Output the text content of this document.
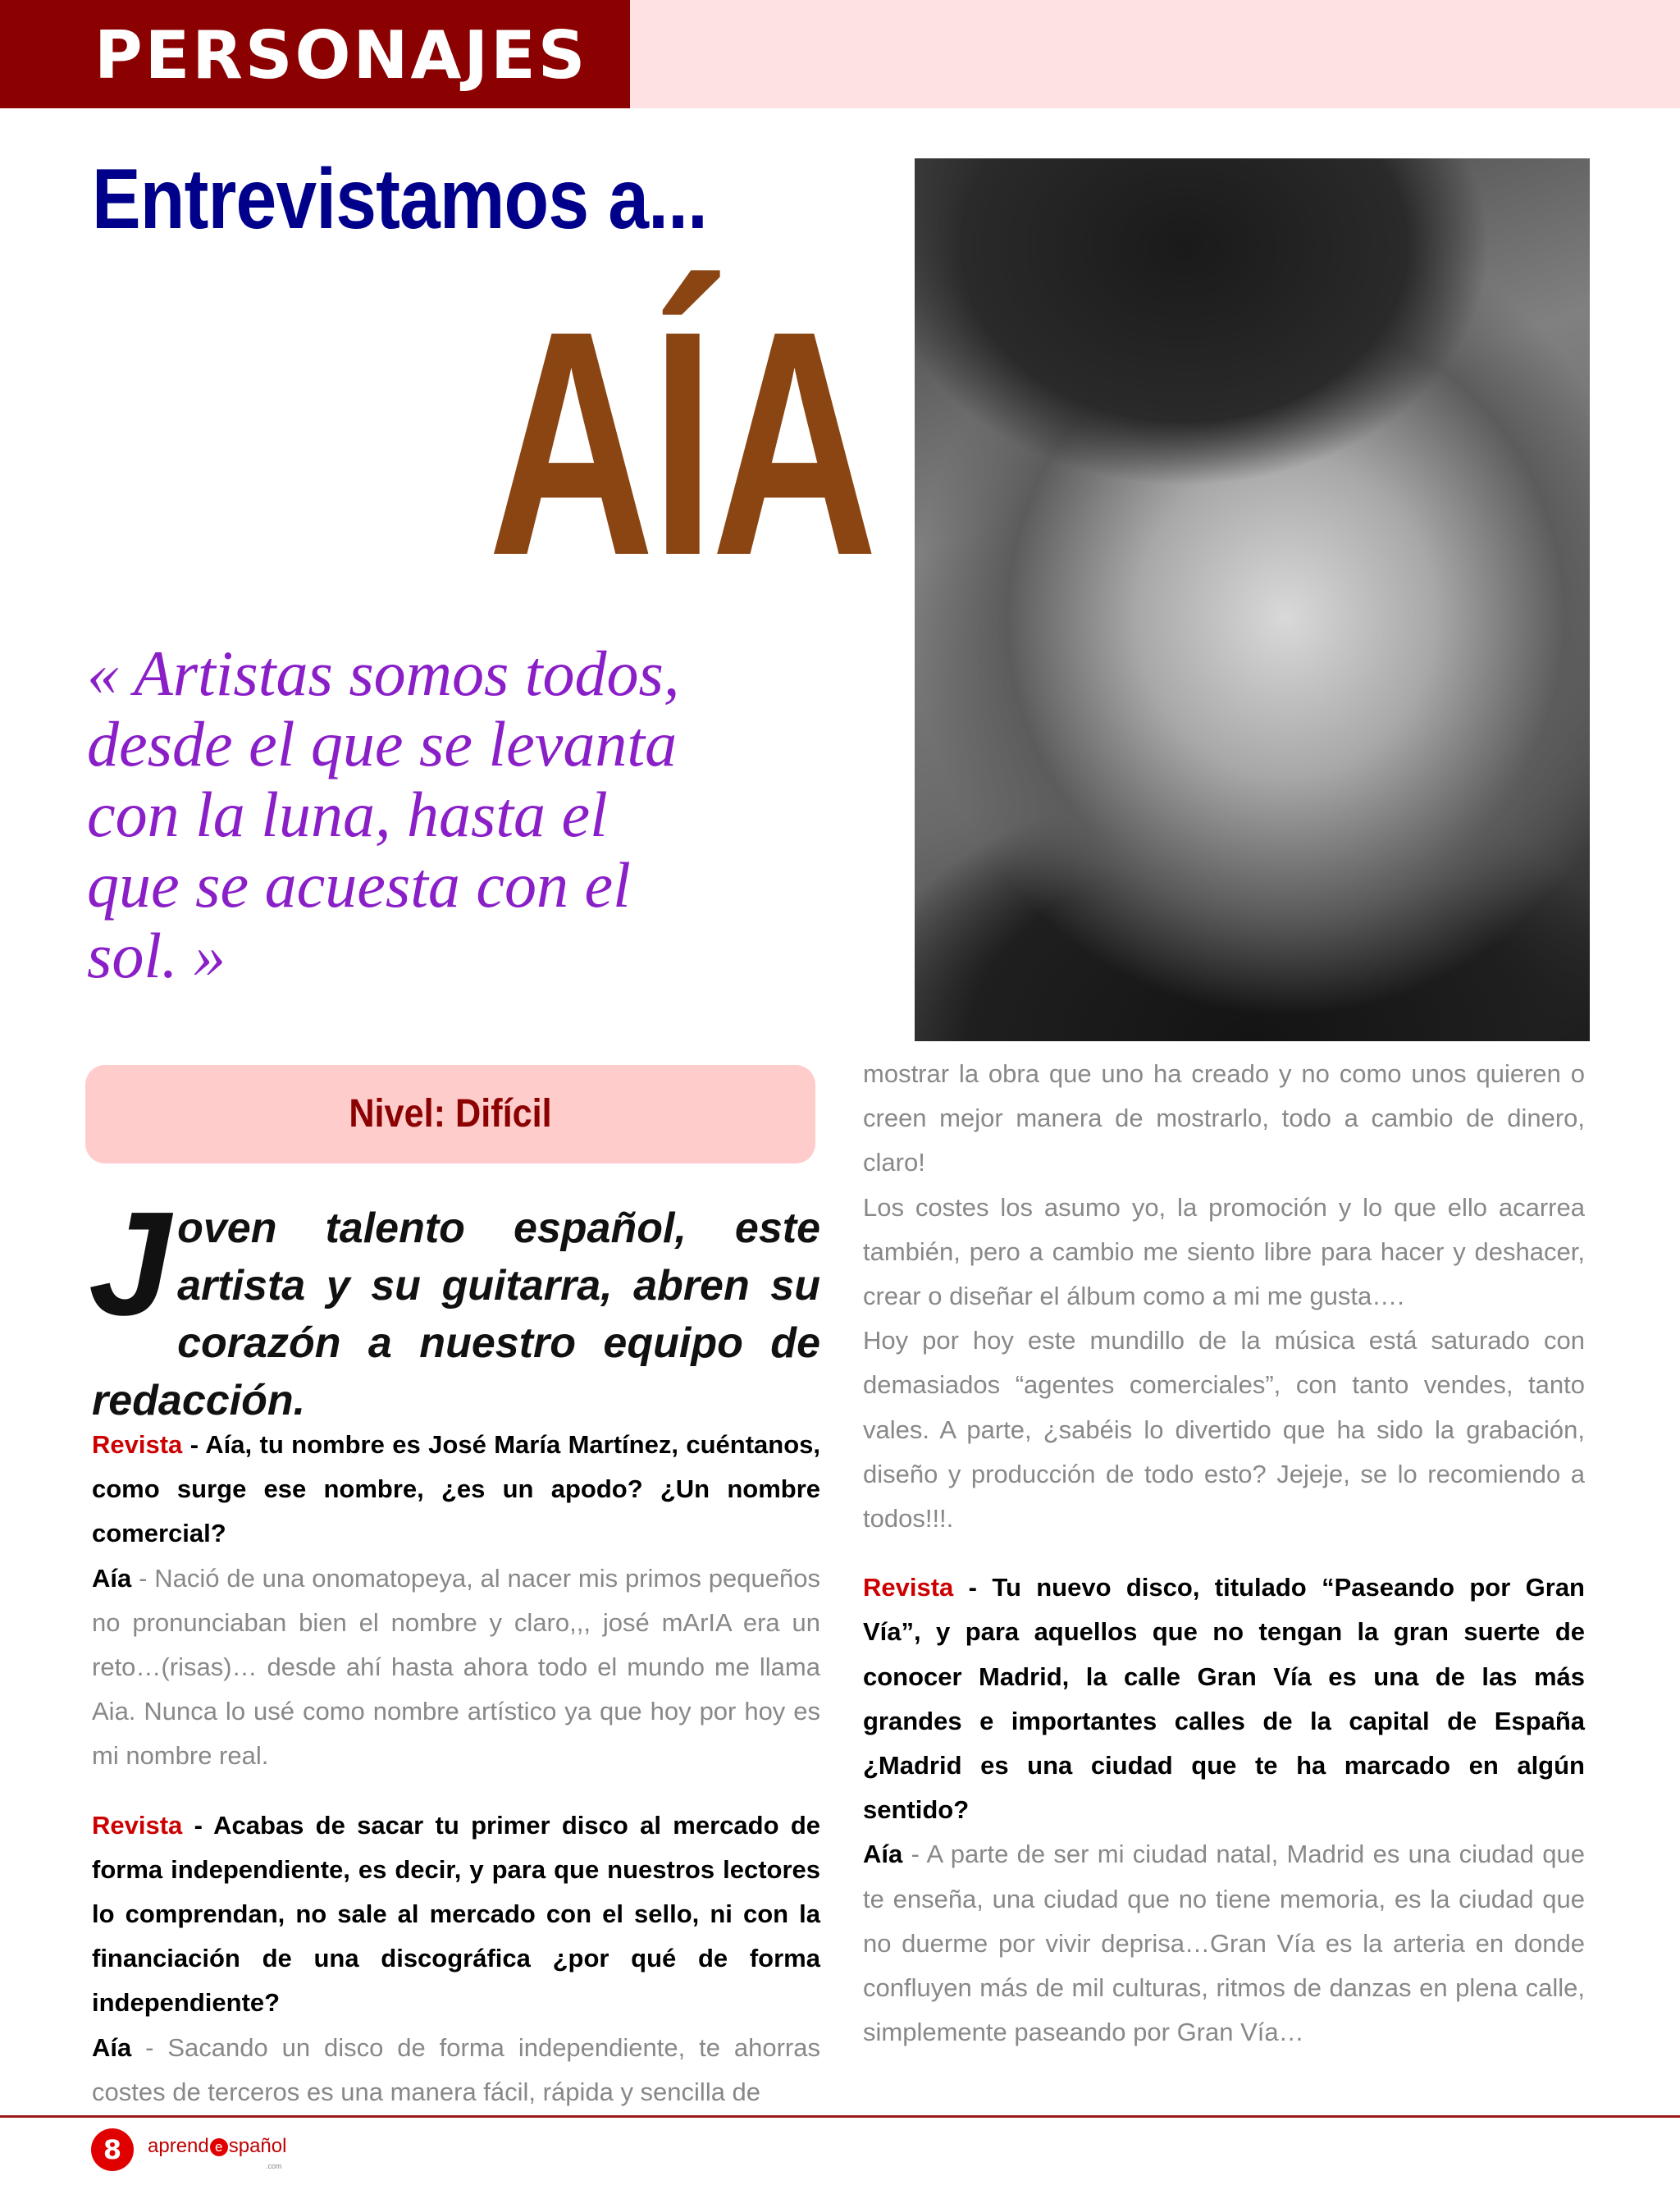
PERSONAJES
Entrevistamos a...
AÍA

« Artistas somos todos, desde el que se levanta con la luna, hasta el que se acuesta con el sol. »

Nivel: Difícil
Joven talento español, este artista y su guitarra, abren su corazón a nuestro equipo de redacción.

Revista - Aía, tu nombre es José María Martínez, cuéntanos, como surge ese nombre, ¿es un apodo? ¿Un nombre comercial?

Aía - Nació de una onomatopeya, al nacer mis primos pequeños no pronunciaban bien el nombre y claro,,, josé mArIA era un reto…(risas)… desde ahí hasta ahora todo el mundo me llama Aia. Nunca lo usé como nombre artístico ya que hoy por hoy es mi nombre real.

Revista - Acabas de sacar tu primer disco al mercado de forma independiente, es decir, y para que nuestros lectores lo comprendan, no sale al mercado con el sello, ni con la financiación de una discográfica ¿por qué de forma independiente?

Aía - Sacando un disco de forma independiente, te ahorras costes de terceros es una manera fácil, rápida y sencilla de

mostrar la obra que uno ha creado y no como unos quieren o creen mejor manera de mostrarlo, todo a cambio de dinero, claro!

Los costes los asumo yo, la promoción y lo que ello acarrea también, pero a cambio me siento libre para hacer y deshacer, crear o diseñar el álbum como a mi me gusta….

Hoy por hoy este mundillo de la música está saturado con demasiados “agentes comerciales”, con tanto vendes, tanto vales. A parte, ¿sabéis lo divertido que ha sido la grabación, diseño y producción de todo esto? Jejeje, se lo recomiendo a todos!!!.

Revista - Tu nuevo disco, titulado “Paseando por Gran Vía”, y para aquellos que no tengan la gran suerte de conocer Madrid, la calle Gran Vía es una de las más grandes e importantes calles de la capital de España ¿Madrid es una ciudad que te ha marcado en algún sentido?

Aía - A parte de ser mi ciudad natal, Madrid es una ciudad que te enseña, una ciudad que no tiene memoria, es la ciudad que no duerme por vivir deprisa…Gran Vía es la arteria en donde confluyen más de mil culturas, ritmos de danzas en plena calle, simplemente paseando por Gran Vía…

8	aprend e spañol
.com
